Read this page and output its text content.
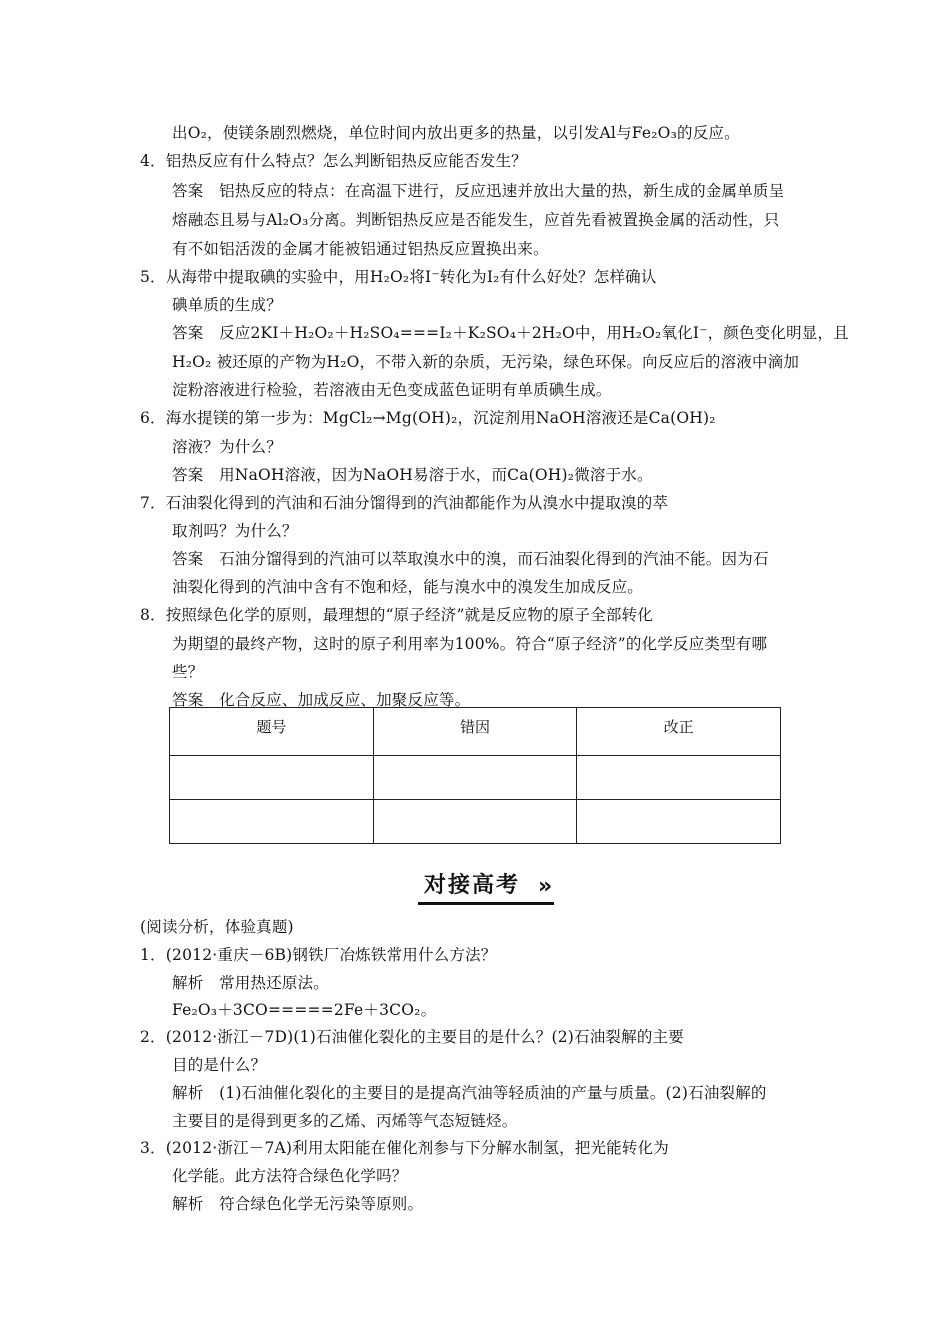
出O₂，使镁条剧烈燃烧，单位时间内放出更多的热量，以引发Al与Fe₂O₃的反应。
4．铝热反应有什么特点？怎么判断铝热反应能否发生？
答案　铝热反应的特点：在高温下进行，反应迅速并放出大量的热，新生成的金属单质呈
熔融态且易与Al₂O₃分离。判断铝热反应是否能发生，应首先看被置换金属的活动性，只
有不如铝活泼的金属才能被铝通过铝热反应置换出来。
5．从海带中提取碘的实验中，用H₂O₂将I⁻转化为I₂有什么好处？怎样确认
碘单质的生成？
答案　反应2KI＋H₂O₂＋H₂SO₄===I₂＋K₂SO₄＋2H₂O中，用H₂O₂氧化I⁻，颜色变化明显，且
H₂O₂ 被还原的产物为H₂O，不带入新的杂质，无污染，绿色环保。向反应后的溶液中滴加
淀粉溶液进行检验，若溶液由无色变成蓝色证明有单质碘生成。
6．海水提镁的第一步为：MgCl₂→Mg(OH)₂，沉淀剂用NaOH溶液还是Ca(OH)₂
溶液？为什么？
答案　用NaOH溶液，因为NaOH易溶于水，而Ca(OH)₂微溶于水。
7．石油裂化得到的汽油和石油分馏得到的汽油都能作为从溴水中提取溴的萃
取剂吗？为什么？
答案　石油分馏得到的汽油可以萃取溴水中的溴，而石油裂化得到的汽油不能。因为石
油裂化得到的汽油中含有不饱和烃，能与溴水中的溴发生加成反应。
8．按照绿色化学的原则，最理想的“原子经济”就是反应物的原子全部转化
为期望的最终产物，这时的原子利用率为100%。符合“原子经济”的化学反应类型有哪
些？
答案　化合反应、加成反应、加聚反应等。
题号	错因	改正

对接高考 »
(阅读分析，体验真题)
1．(2012·重庆－6B)钢铁厂冶炼铁常用什么方法？
解析　常用热还原法。
Fe₂O₃＋3CO=====2Fe＋3CO₂。
2．(2012·浙江－7D)(1)石油催化裂化的主要目的是什么？(2)石油裂解的主要
目的是什么？
解析　(1)石油催化裂化的主要目的是提高汽油等轻质油的产量与质量。(2)石油裂解的
主要目的是得到更多的乙烯、丙烯等气态短链烃。
3．(2012·浙江－7A)利用太阳能在催化剂参与下分解水制氢，把光能转化为
化学能。此方法符合绿色化学吗？
解析　符合绿色化学无污染等原则。
